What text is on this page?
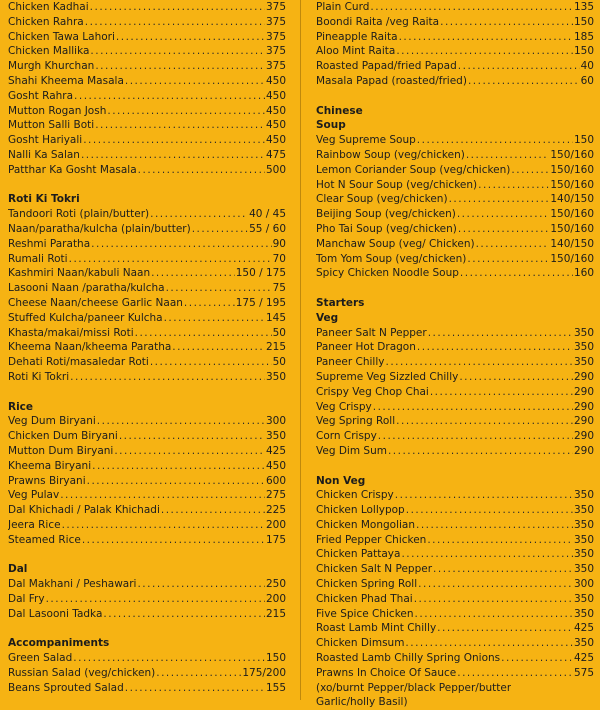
Chicken Kadhai .....	375
Chicken Rahra .....	375
Chicken Tawa Lahori .....	375
Chicken Mallika .....	375
Murgh Khurchan .....	375
Shahi Kheema Masala .....	450
Gosht Rahra .....	450
Mutton Rogan Josh .....	450
Mutton Salli Boti .....	450
Gosht Hariyali .....	450
Nalli Ka Salan .....	475
Patthar Ka Gosht Masala .....	500
Roti Ki Tokri
Tandoori Roti (plain/butter) .....	40 / 45
Naan/paratha/kulcha (plain/butter) .....	55 / 60
Reshmi Paratha .....	90
Rumali Roti .....	70
Kashmiri Naan/kabuli Naan .....	150 / 175
Lasooni Naan /paratha/kulcha .....	75
Cheese Naan/cheese Garlic Naan .....	175 / 195
Stuffed Kulcha/paneer Kulcha .....	145
Khasta/makai/missi Roti .....	50
Kheema Naan/kheema Paratha .....	215
Dehati Roti/masaledar Roti .....	50
Roti Ki Tokri .....	350
Rice
Veg Dum Biryani .....	300
Chicken Dum Biryani .....	350
Mutton Dum Biryani .....	425
Kheema Biryani .....	450
Prawns Biryani .....	600
Veg Pulav .....	275
Dal Khichadi / Palak Khichadi .....	225
Jeera Rice .....	200
Steamed Rice .....	175
Dal
Dal Makhani / Peshawari .....	250
Dal Fry .....	200
Dal Lasooni Tadka .....	215
Accompaniments
Green Salad .....	150
Russian Salad (veg/chicken) .....	175/200
Beans Sprouted Salad .....	155
Plain Curd .....	135
Boondi Raita /veg Raita .....	150
Pineapple Raita .....	185
Aloo Mint Raita .....	150
Roasted Papad/fried Papad .....	40
Masala Papad (roasted/fried) .....	60
Chinese
Soup
Veg Supreme Soup .....	150
Rainbow Soup (veg/chicken) .....	150/160
Lemon Coriander Soup (veg/chicken) .....	150/160
Hot N Sour Soup (veg/chicken) .....	150/160
Clear Soup (veg/chicken) .....	140/150
Beijing Soup (veg/chicken) .....	150/160
Pho Tai Soup (veg/chicken) .....	150/160
Manchaw Soup (veg/ Chicken) .....	140/150
Tom Yom Soup (veg/chicken) .....	150/160
Spicy Chicken Noodle Soup .....	160
Starters
Veg
Paneer Salt N Pepper .....	350
Paneer Hot Dragon .....	350
Paneer Chilly .....	350
Supreme Veg Sizzled Chilly .....	290
Crispy Veg Chop Chai .....	290
Veg Crispy .....	290
Veg Spring Roll .....	290
Corn Crispy .....	290
Veg Dim Sum .....	290
Non Veg
Chicken Crispy .....	350
Chicken Lollypop .....	350
Chicken Mongolian .....	350
Fried Pepper Chicken .....	350
Chicken Pattaya .....	350
Chicken Salt N Pepper .....	350
Chicken Spring Roll .....	300
Chicken Phad Thai .....	350
Five Spice Chicken .....	350
Roast Lamb Mint Chilly .....	425
Chicken Dimsum .....	350
Roasted Lamb Chilly Spring Onions .....	425
Prawns In Choice Of Sauce .....	575
(xo/burnt Pepper/black Pepper/butter
Garlic/holly Basil)
